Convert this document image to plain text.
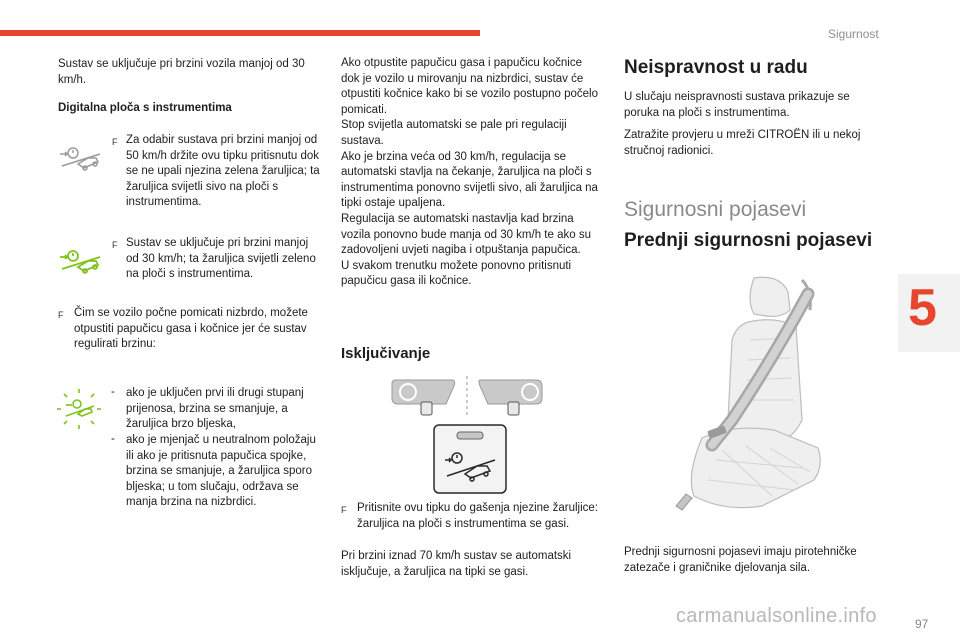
Sigurnost
5
97
carmanualsonline.info
Sustav se uključuje pri brzini vozila manjoj od 30 km/h.
Digitalna ploča s instrumentima
F Za odabir sustava pri brzini manjoj od 50 km/h držite ovu tipku pritisnutu dok se ne upali njezina zelena žaruljica; ta žaruljica svijetli sivo na ploči s instrumentima.
F Sustav se uključuje pri brzini manjoj od 30 km/h; ta žaruljica svijetli zeleno na ploči s instrumentima.
F Čim se vozilo počne pomicati nizbrdo, možete otpustiti papučicu gasa i kočnice jer će sustav regulirati brzinu:
- ako je uključen prvi ili drugi stupanj prijenosa, brzina se smanjuje, a žaruljica brzo bljeska,
- ako je mjenjač u neutralnom položaju ili ako je pritisnuta papučica spojke, brzina se smanjuje, a žaruljica sporo bljeska; u tom slučaju, održava se manja brzina na nizbrdici.
Ako otpustite papučicu gasa i papučicu kočnice dok je vozilo u mirovanju na nizbrdici, sustav će otpustiti kočnice kako bi se vozilo postupno počelo pomicati.
Stop svijetla automatski se pale pri regulaciji sustava.
Ako je brzina veća od 30 km/h, regulacija se automatski stavlja na čekanje, žaruljica na ploči s instrumentima ponovno svijetli sivo, ali žaruljica na tipki ostaje upaljena.
Regulacija se automatski nastavlja kad brzina vozila ponovno bude manja od 30 km/h te ako su zadovoljeni uvjeti nagiba i otpuštanja papučica.
U svakom trenutku možete ponovno pritisnuti papučicu gasa ili kočnice.
Isključivanje
F Pritisnite ovu tipku do gašenja njezine žaruljice: žaruljica na ploči s instrumentima se gasi.
Pri brzini iznad 70 km/h sustav se automatski isključuje, a žaruljica na tipki se gasi.
Neispravnost u radu
U slučaju neispravnosti sustava prikazuje se poruka na ploči s instrumentima.
Zatražite provjeru u mreži CITROËN ili u nekoj stručnoj radionici.
Sigurnosni pojasevi
Prednji sigurnosni pojasevi
Prednji sigurnosni pojasevi imaju pirotehničke zatezače i graničnike djelovanja sila.
